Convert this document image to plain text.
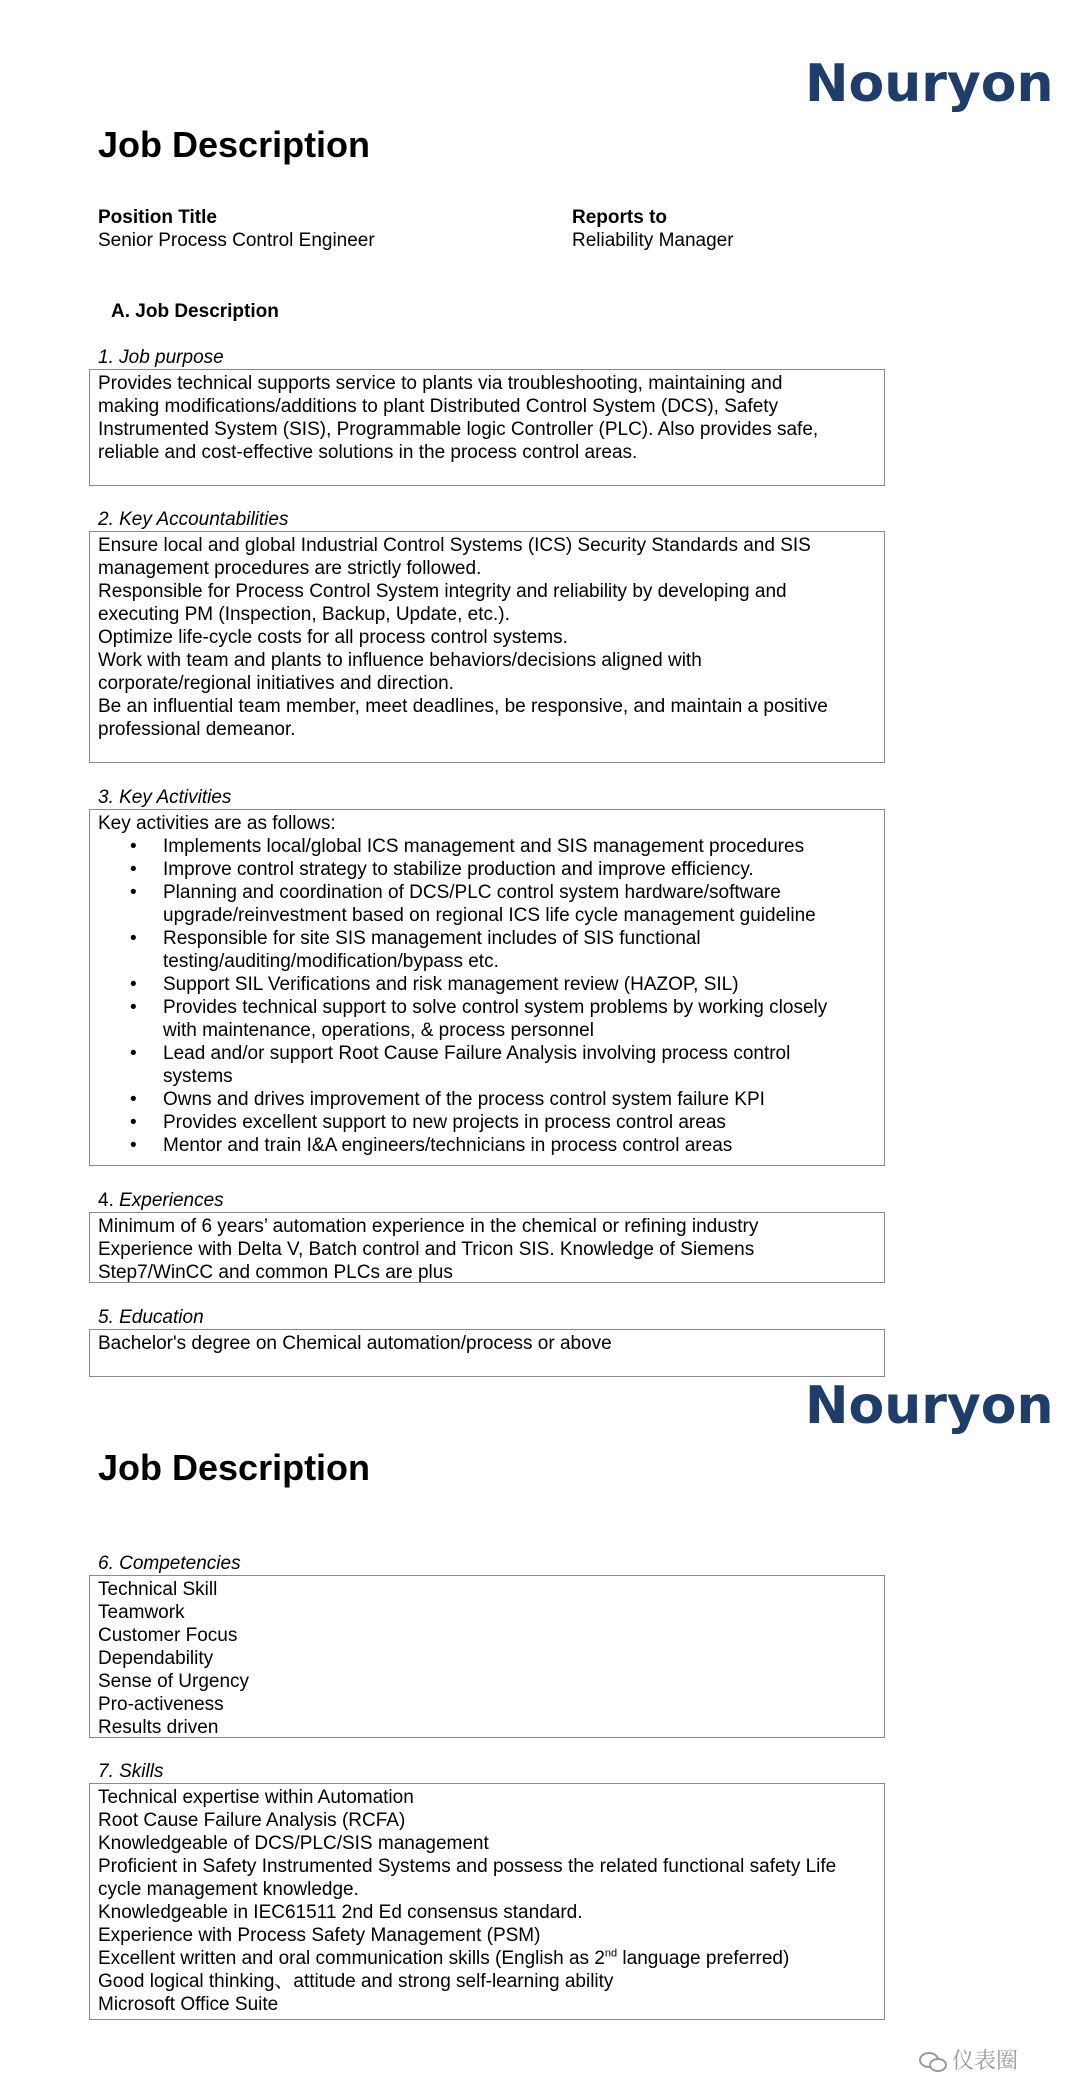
Nouryon
Job Description
Position Title
Senior Process Control Engineer
Reports to
Reliability Manager
A. Job Description
1. Job purpose
Provides technical supports service to plants via troubleshooting, maintaining and
making modifications/additions to plant Distributed Control System (DCS), Safety
Instrumented System (SIS), Programmable logic Controller (PLC). Also provides safe,
reliable and cost-effective solutions in the process control areas.
2. Key Accountabilities
Ensure local and global Industrial Control Systems (ICS) Security Standards and SIS
management procedures are strictly followed.
Responsible for Process Control System integrity and reliability by developing and
executing PM (Inspection, Backup, Update, etc.).
Optimize life-cycle costs for all process control systems.
Work with team and plants to influence behaviors/decisions aligned with
corporate/regional initiatives and direction.
Be an influential team member, meet deadlines, be responsive, and maintain a positive
professional demeanor.
3. Key Activities
Key activities are as follows:
• Implements local/global ICS management and SIS management procedures
• Improve control strategy to stabilize production and improve efficiency.
• Planning and coordination of DCS/PLC control system hardware/software
upgrade/reinvestment based on regional ICS life cycle management guideline
• Responsible for site SIS management includes of SIS functional
testing/auditing/modification/bypass etc.
• Support SIL Verifications and risk management review (HAZOP, SIL)
• Provides technical support to solve control system problems by working closely
with maintenance, operations, & process personnel
• Lead and/or support Root Cause Failure Analysis involving process control
systems
• Owns and drives improvement of the process control system failure KPI
• Provides excellent support to new projects in process control areas
• Mentor and train I&A engineers/technicians in process control areas
4. Experiences
Minimum of 6 years’ automation experience in the chemical or refining industry
Experience with Delta V, Batch control and Tricon SIS. Knowledge of Siemens
Step7/WinCC and common PLCs are plus
5. Education
Bachelor's degree on Chemical automation/process or above
Nouryon
Job Description
6. Competencies
Technical Skill
Teamwork
Customer Focus
Dependability
Sense of Urgency
Pro-activeness
Results driven
7. Skills
Technical expertise within Automation
Root Cause Failure Analysis (RCFA)
Knowledgeable of DCS/PLC/SIS management
Proficient in Safety Instrumented Systems and possess the related functional safety Life
cycle management knowledge.
Knowledgeable in IEC61511 2nd Ed consensus standard.
Experience with Process Safety Management (PSM)
Excellent written and oral communication skills (English as 2nd language preferred)
Good logical thinking、attitude and strong self-learning ability
Microsoft Office Suite
仪表圈
